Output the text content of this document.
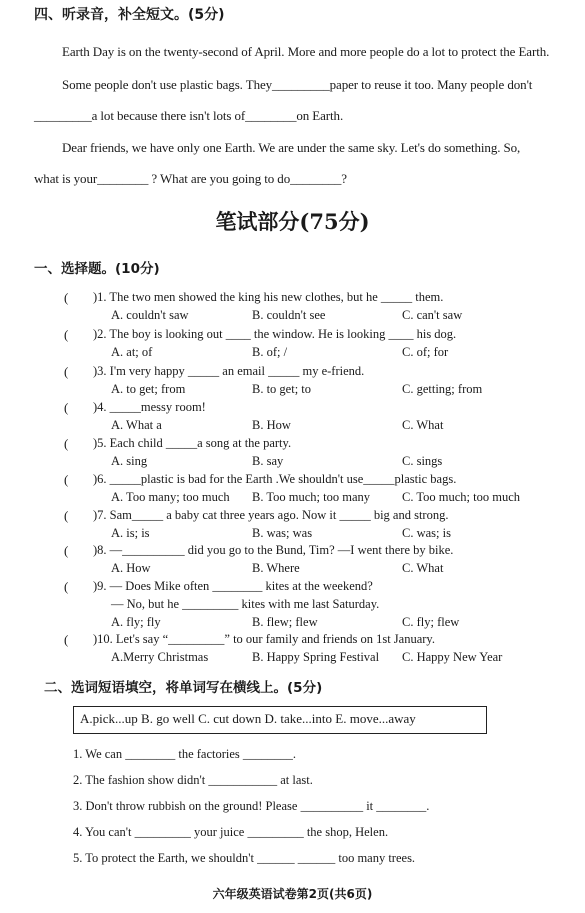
四、听录音，补全短文。(5分)
Earth Day is on the twenty-second of April. More and more people do a lot to protect the Earth.
Some people don't use plastic bags. They_________paper to reuse it too. Many people don't
_________a lot because there isn't lots of________on Earth.
Dear friends, we have only one Earth. We are under the same sky. Let's do something. So,
what is your________ ? What are you going to do________?
笔试部分(75分)
一、选择题。(10分)
( )1. The two men showed the king his new clothes, but he _____ them.
A. couldn't saw	B. couldn't see	C. can't saw
( )2. The boy is looking out ____ the window. He is looking ____ his dog.
A. at; of	B. of; /	C. of; for
( )3. I'm very happy _____ an email _____ my e-friend.
A. to get; from	B. to get; to	C. getting; from
( )4. _____messy room!
A. What a	B. How	C. What
( )5. Each child _____a song at the party.
A. sing	B. say	C. sings
( )6. _____plastic is bad for the Earth .We shouldn't use_____plastic bags.
A. Too many; too much B. Too much; too many	C. Too much; too much
( )7. Sam_____ a baby cat three years ago. Now it _____ big and strong.
A. is; is	B. was; was	C. was; is
( )8. —__________ did you go to the Bund, Tim? —I went there by bike.
A. How	B. Where	C. What
( )9. — Does Mike often ________ kites at the weekend?
— No, but he _________ kites with me last Saturday.
A. fly; fly	B. flew; flew	C. fly; flew
( )10. Let's say “_________” to our family and friends on 1st January.
A.Merry Christmas	B. Happy Spring Festival C. Happy New Year
二、选词短语填空，将单词写在横线上。(5分)
A.pick...up B. go well C. cut down D. take...into E. move...away
1. We can ________ the factories ________.
2. The fashion show didn't ___________ at last.
3. Don't throw rubbish on the ground! Please __________ it ________.
4. You can't _________ your juice _________ the shop, Helen.
5. To protect the Earth, we shouldn't ______ ______ too many trees.
六年级英语试卷第2页(共6页)
